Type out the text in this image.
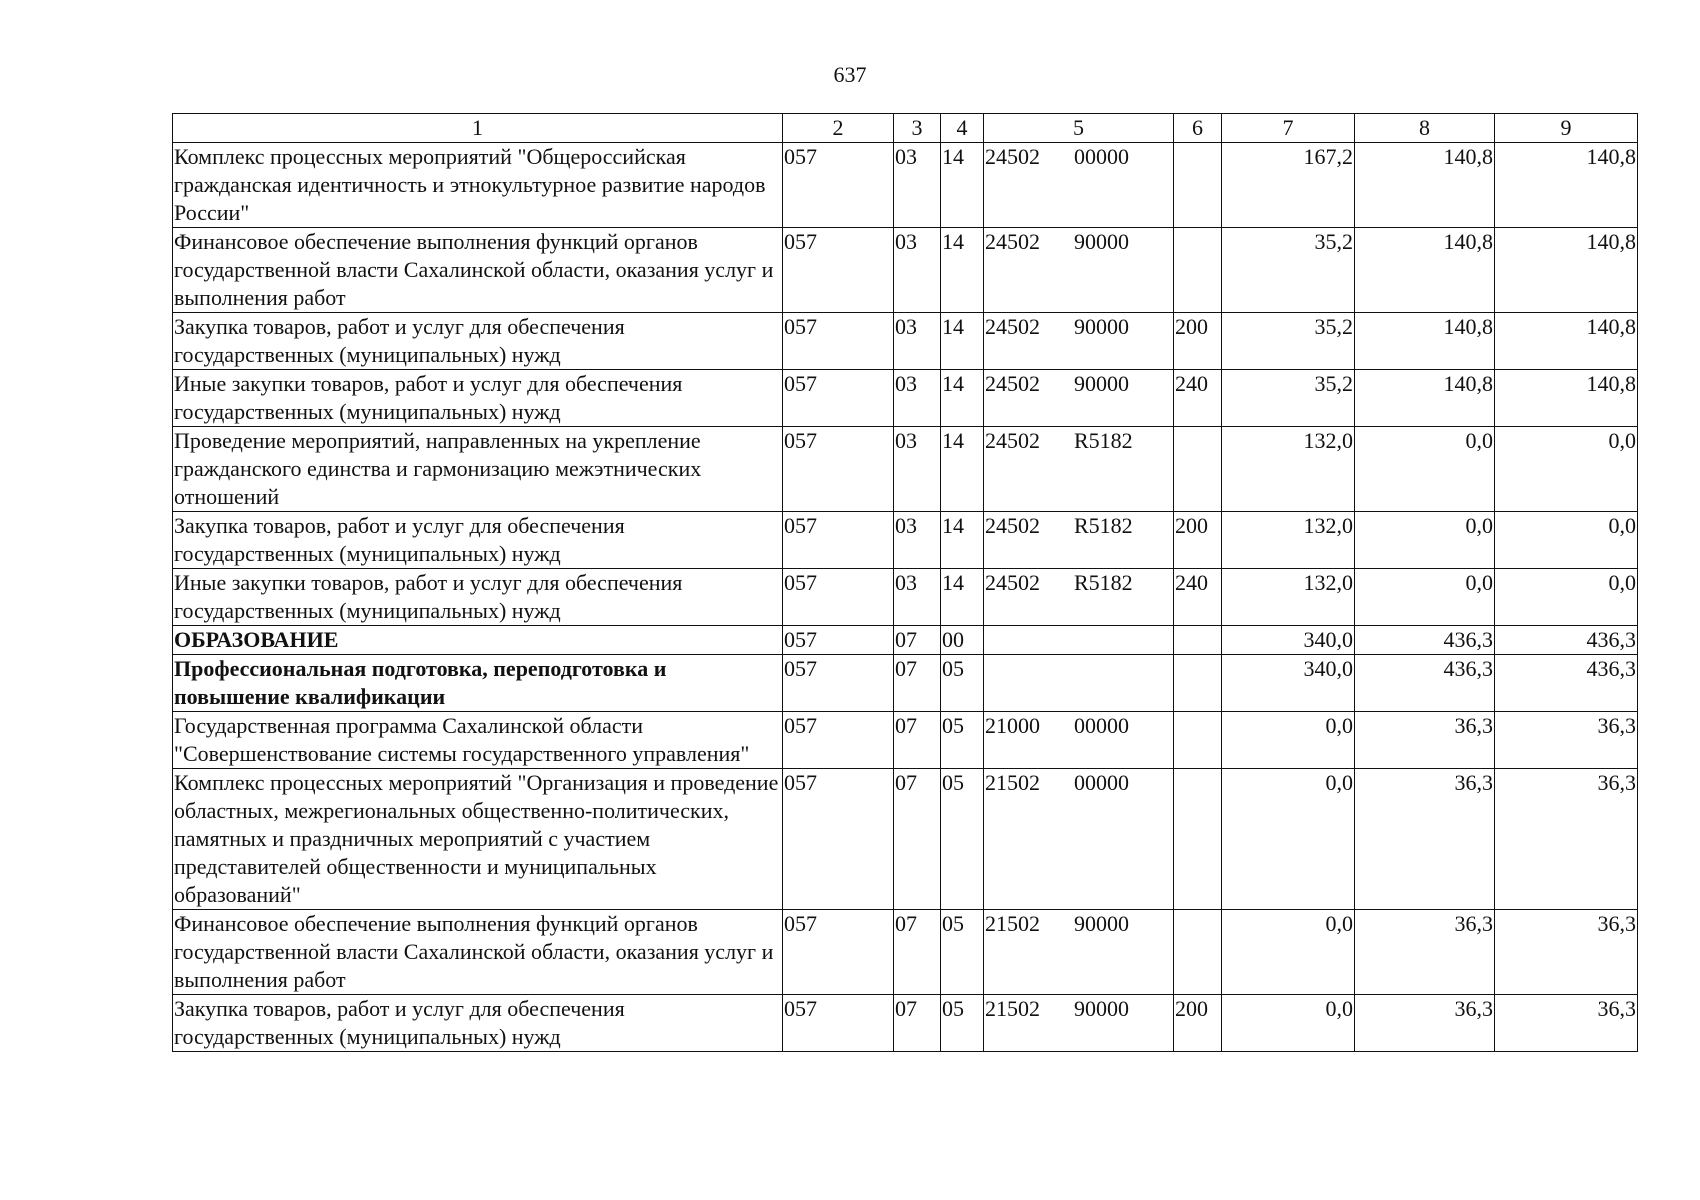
637
1	2	3	4	5	6	7	8	9
Комплекс процессных мероприятий "Общероссийская гражданская идентичность и этнокультурное развитие народов России"	057	03	14	24502 00000		167,2	140,8	140,8
Финансовое обеспечение выполнения функций органов государственной власти Сахалинской области, оказания услуг и выполнения работ	057	03	14	24502 90000		35,2	140,8	140,8
Закупка товаров, работ и услуг для обеспечения государственных (муниципальных) нужд	057	03	14	24502 90000	200	35,2	140,8	140,8
Иные закупки товаров, работ и услуг для обеспечения государственных (муниципальных) нужд	057	03	14	24502 90000	240	35,2	140,8	140,8
Проведение мероприятий, направленных на укрепление гражданского единства и гармонизацию межэтнических отношений	057	03	14	24502 R5182		132,0	0,0	0,0
Закупка товаров, работ и услуг для обеспечения государственных (муниципальных) нужд	057	03	14	24502 R5182	200	132,0	0,0	0,0
Иные закупки товаров, работ и услуг для обеспечения государственных (муниципальных) нужд	057	03	14	24502 R5182	240	132,0	0,0	0,0
ОБРАЗОВАНИЕ	057	07	00			340,0	436,3	436,3
Профессиональная подготовка, переподготовка и повышение квалификации	057	07	05			340,0	436,3	436,3
Государственная программа Сахалинской области "Совершенствование системы государственного управления"	057	07	05	21000 00000		0,0	36,3	36,3
Комплекс процессных мероприятий "Организация и проведение областных, межрегиональных общественно-политических, памятных и праздничных мероприятий с участием представителей общественности и муниципальных образований"	057	07	05	21502 00000		0,0	36,3	36,3
Финансовое обеспечение выполнения функций органов государственной власти Сахалинской области, оказания услуг и выполнения работ	057	07	05	21502 90000		0,0	36,3	36,3
Закупка товаров, работ и услуг для обеспечения государственных (муниципальных) нужд	057	07	05	21502 90000	200	0,0	36,3	36,3
